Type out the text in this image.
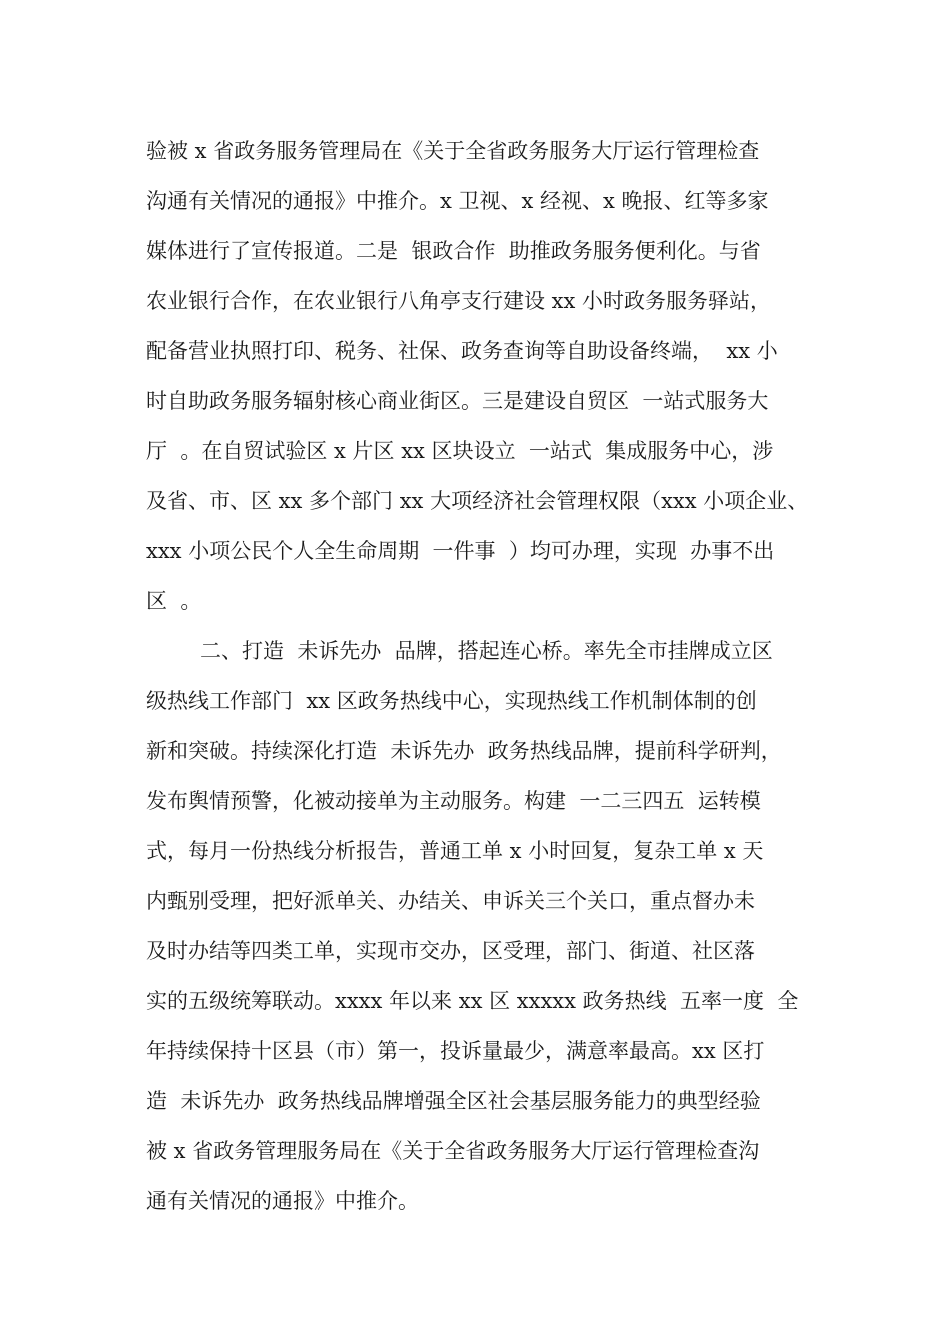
验被 x 省政务服务管理局在《关于全省政务服务大厅运行管理检查
沟通有关情况的通报》中推介。x 卫视、x 经视、x 晚报、红等多家
媒体进行了宣传报道。二是  银政合作  助推政务服务便利化。与省
农业银行合作，在农业银行八角亭支行建设 xx 小时政务服务驿站，
配备营业执照打印、税务、社保、政务查询等自助设备终端，  xx 小
时自助政务服务辐射核心商业街区。三是建设自贸区  一站式服务大
厅  。在自贸试验区 x 片区 xx 区块设立  一站式  集成服务中心，涉
及省、市、区 xx 多个部门 xx 大项经济社会管理权限（xxx 小项企业、
xxx 小项公民个人全生命周期  一件事  ）均可办理，实现  办事不出
区  。
二、打造  未诉先办  品牌，搭起连心桥。率先全市挂牌成立区
级热线工作部门  xx 区政务热线中心，实现热线工作机制体制的创
新和突破。持续深化打造  未诉先办  政务热线品牌，提前科学研判，
发布舆情预警，化被动接单为主动服务。构建  一二三四五  运转模
式，每月一份热线分析报告，普通工单 x 小时回复，复杂工单 x 天
内甄别受理，把好派单关、办结关、申诉关三个关口，重点督办未
及时办结等四类工单，实现市交办，区受理，部门、街道、社区落
实的五级统筹联动。xxxx 年以来 xx 区 xxxxx 政务热线  五率一度  全
年持续保持十区县（市）第一，投诉量最少，满意率最高。xx 区打
造  未诉先办  政务热线品牌增强全区社会基层服务能力的典型经验
被 x 省政务管理服务局在《关于全省政务服务大厅运行管理检查沟
通有关情况的通报》中推介。
